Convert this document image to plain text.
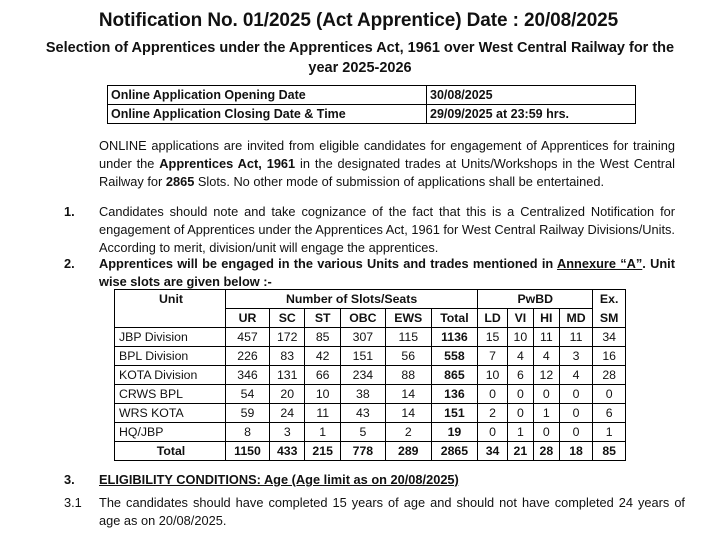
Notification No. 01/2025 (Act Apprentice) Date : 20/08/2025
Selection of Apprentices under the Apprentices Act, 1961 over West Central Railway for the year 2025-2026
Online Application Opening Date	30/08/2025
Online Application Closing Date & Time	29/09/2025 at 23:59 hrs.
ONLINE applications are invited from eligible candidates for engagement of Apprentices for training under the Apprentices Act, 1961 in the designated trades at Units/Workshops in the West Central Railway for 2865 Slots. No other mode of submission of applications shall be entertained.
1. Candidates should note and take cognizance of the fact that this is a Centralized Notification for engagement of Apprentices under the Apprentices Act, 1961 for West Central Railway Divisions/Units. According to merit, division/unit will engage the apprentices.
2. Apprentices will be engaged in the various Units and trades mentioned in Annexure “A”. Unit wise slots are given below :-
Unit	Number of Slots/Seats						PwBD				Ex.
	UR	SC	ST	OBC	EWS	Total	LD	VI	HI	MD	SM
JBP Division	457	172	85	307	115	1136	15	10	11	11	34
BPL Division	226	83	42	151	56	558	7	4	4	3	16
KOTA Division	346	131	66	234	88	865	10	6	12	4	28
CRWS BPL	54	20	10	38	14	136	0	0	0	0	0
WRS KOTA	59	24	11	43	14	151	2	0	1	0	6
HQ/JBP	8	3	1	5	2	19	0	1	0	0	1
Total	1150	433	215	778	289	2865	34	21	28	18	85
3. ELIGIBILITY CONDITIONS: Age (Age limit as on 20/08/2025)
3.1 The candidates should have completed 15 years of age and should not have completed 24 years of age as on 20/08/2025.
